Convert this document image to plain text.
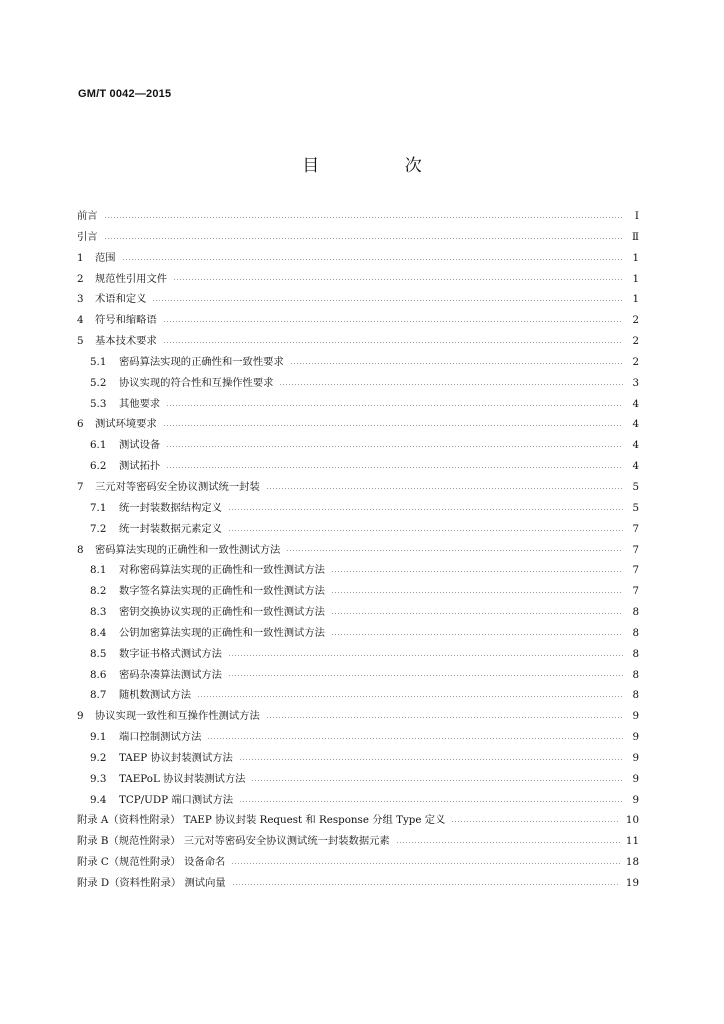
GM/T 0042—2015
目 次
前言	Ⅰ
引言	Ⅱ
1	范围	1
2	规范性引用文件	1
3	术语和定义	1
4	符号和缩略语	2
5	基本技术要求	2
5.1	密码算法实现的正确性和一致性要求	2
5.2	协议实现的符合性和互操作性要求	3
5.3	其他要求	4
6	测试环境要求	4
6.1	测试设备	4
6.2	测试拓扑	4
7	三元对等密码安全协议测试统一封装	5
7.1	统一封装数据结构定义	5
7.2	统一封装数据元素定义	7
8	密码算法实现的正确性和一致性测试方法	7
8.1	对称密码算法实现的正确性和一致性测试方法	7
8.2	数字签名算法实现的正确性和一致性测试方法	7
8.3	密钥交换协议实现的正确性和一致性测试方法	8
8.4	公钥加密算法实现的正确性和一致性测试方法	8
8.5	数字证书格式测试方法	8
8.6	密码杂凑算法测试方法	8
8.7	随机数测试方法	8
9	协议实现一致性和互操作性测试方法	9
9.1	端口控制测试方法	9
9.2	TAEP 协议封装测试方法	9
9.3	TAEPoL 协议封装测试方法	9
9.4	TCP/UDP 端口测试方法	9
附录 A（资料性附录） TAEP 协议封装 Request 和 Response 分组 Type 定义	10
附录 B（规范性附录） 三元对等密码安全协议测试统一封装数据元素	11
附录 C（规范性附录） 设备命名	18
附录 D（资料性附录） 测试向量	19
